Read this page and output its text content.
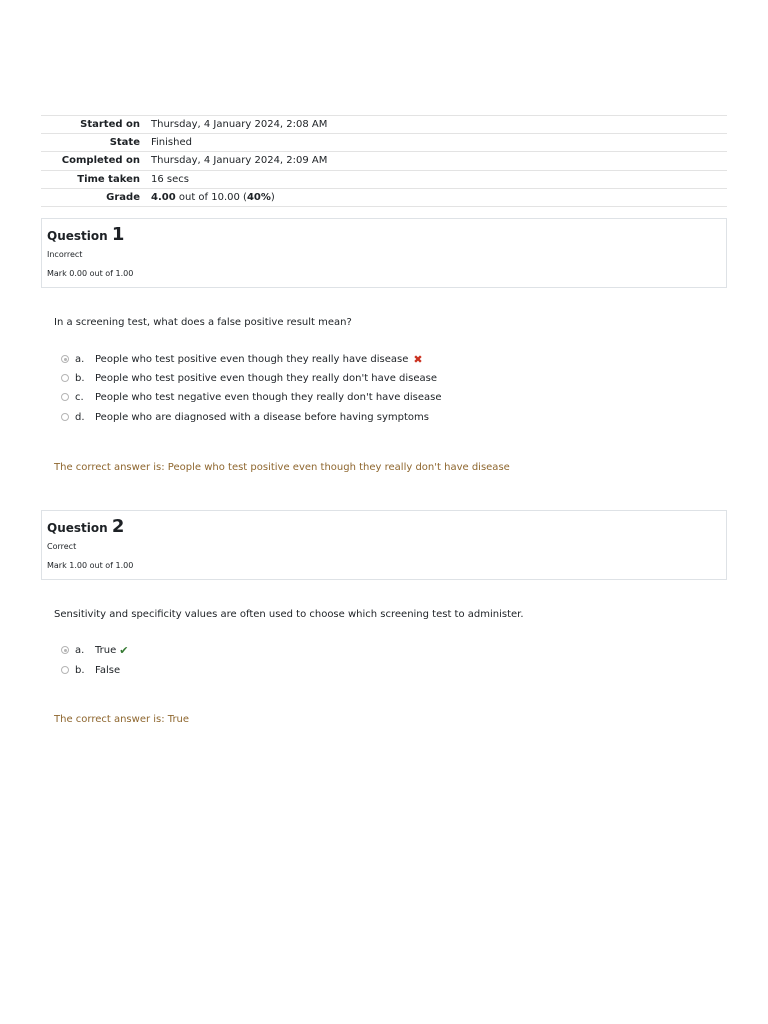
Started on	Thursday, 4 January 2024, 2:08 AM
State	Finished
Completed on	Thursday, 4 January 2024, 2:09 AM
Time taken	16 secs
Grade	4.00 out of 10.00 (40%)
Question 1
Incorrect
Mark 0.00 out of 1.00
In a screening test, what does a false positive result mean?
a.	People who test positive even though they really have disease ✖
b.	People who test positive even though they really don't have disease
c.	People who test negative even though they really don't have disease
d.	People who are diagnosed with a disease before having symptoms
The correct answer is: People who test positive even though they really don't have disease
Question 2
Correct
Mark 1.00 out of 1.00
Sensitivity and specificity values are often used to choose which screening test to administer.
a.	True ✔
b.	False
The correct answer is: True
